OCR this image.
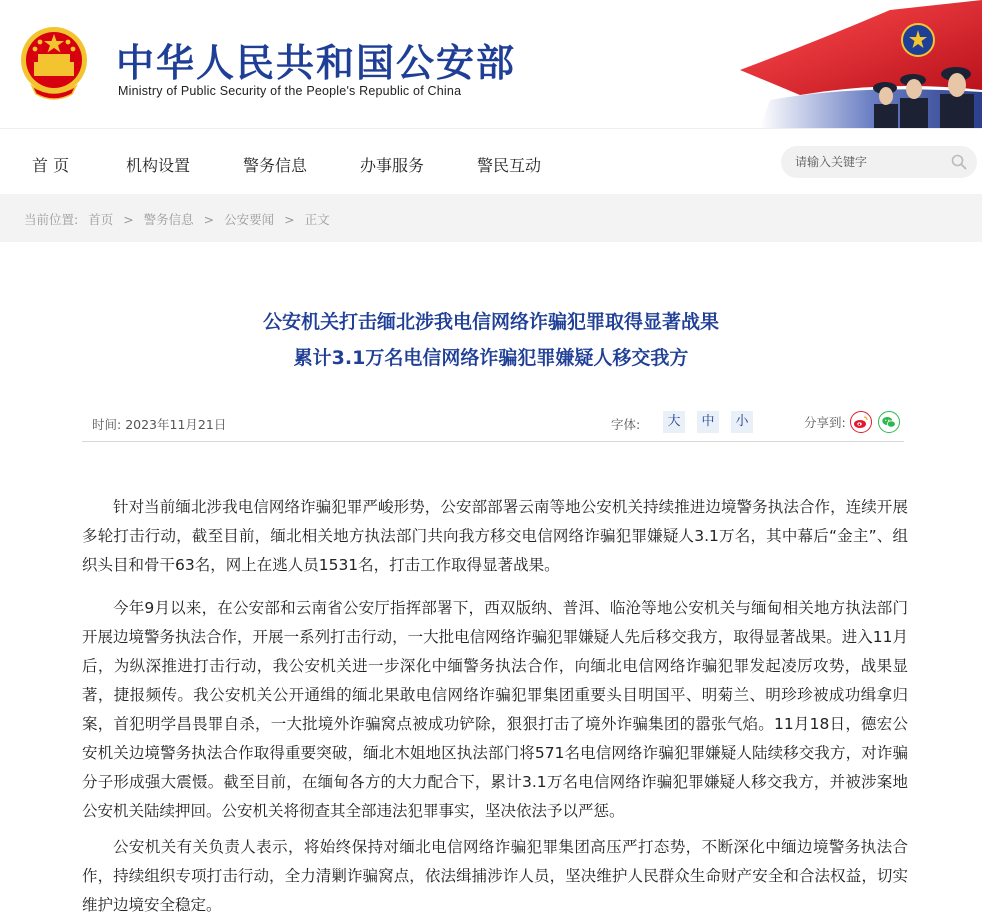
中华人民共和国公安部
Ministry of Public Security of the People's Republic of China
首 页	机构设置	警务信息	办事服务	警民互动
请输入关键字
当前位置: 首页 > 警务信息 > 公安要闻 > 正文
公安机关打击缅北涉我电信网络诈骗犯罪取得显著战果
累计3.1万名电信网络诈骗犯罪嫌疑人移交我方
时间: 2023年11月21日	字体:	大	中	小	分享到:
针对当前缅北涉我电信网络诈骗犯罪严峻形势，公安部部署云南等地公安机关持续推进边境警务执法合作，连续开展多轮打击行动，截至目前，缅北相关地方执法部门共向我方移交电信网络诈骗犯罪嫌疑人3.1万名，其中幕后“金主”、组织头目和骨干63名，网上在逃人员1531名，打击工作取得显著战果。
今年9月以来，在公安部和云南省公安厅指挥部署下，西双版纳、普洱、临沧等地公安机关与缅甸相关地方执法部门开展边境警务执法合作，开展一系列打击行动，一大批电信网络诈骗犯罪嫌疑人先后移交我方，取得显著战果。进入11月后，为纵深推进打击行动，我公安机关进一步深化中缅警务执法合作，向缅北电信网络诈骗犯罪发起凌厉攻势，战果显著，捷报频传。我公安机关公开通缉的缅北果敢电信网络诈骗犯罪集团重要头目明国平、明菊兰、明珍珍被成功缉拿归案，首犯明学昌畏罪自杀，一大批境外诈骗窝点被成功铲除，狠狠打击了境外诈骗集团的嚣张气焰。11月18日，德宏公安机关边境警务执法合作取得重要突破，缅北木姐地区执法部门将571名电信网络诈骗犯罪嫌疑人陆续移交我方，对诈骗分子形成强大震慑。截至目前，在缅甸各方的大力配合下，累计3.1万名电信网络诈骗犯罪嫌疑人移交我方，并被涉案地公安机关陆续押回。公安机关将彻查其全部违法犯罪事实，坚决依法予以严惩。
公安机关有关负责人表示，将始终保持对缅北电信网络诈骗犯罪集团高压严打态势，不断深化中缅边境警务执法合作，持续组织专项打击行动，全力清剿诈骗窝点，依法缉捕涉诈人员，坚决维护人民群众生命财产安全和合法权益，切实维护边境安全稳定。
